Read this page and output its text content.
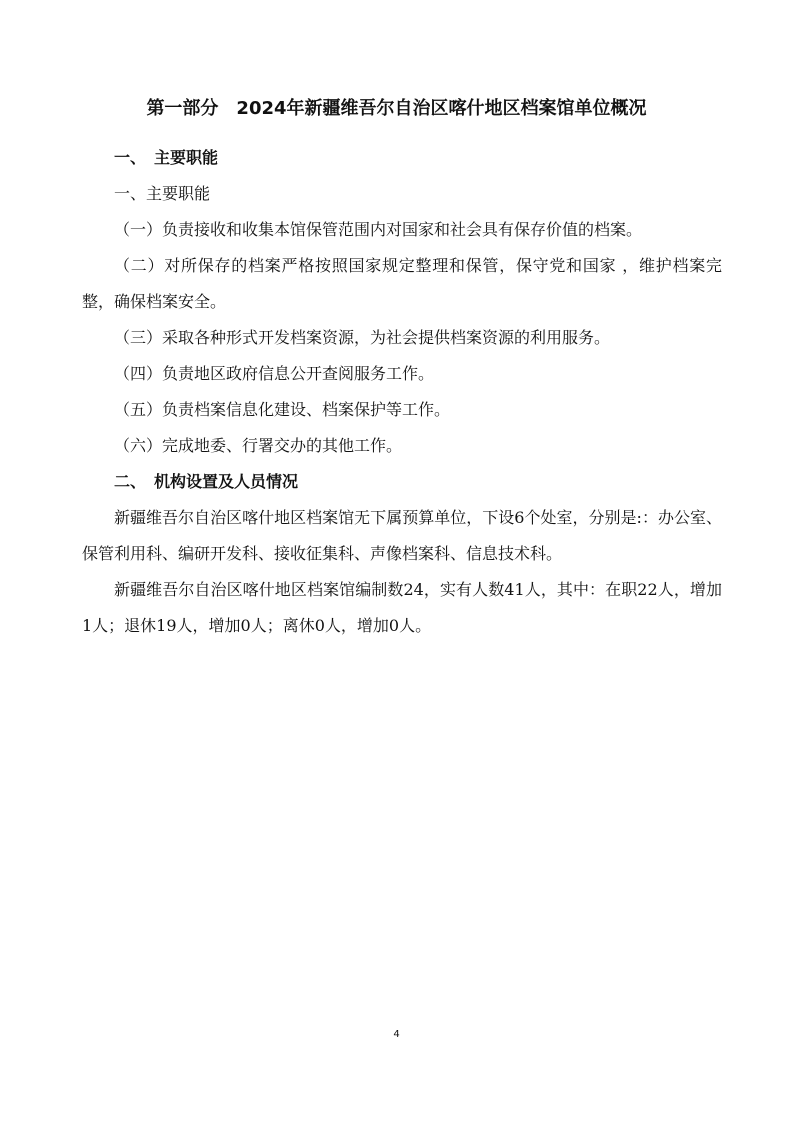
第一部分　2024年新疆维吾尔自治区喀什地区档案馆单位概况
一、　主要职能

一、主要职能

（一）负责接收和收集本馆保管范围内对国家和社会具有保存价值的档案。

（二）对所保存的档案严格按照国家规定整理和保管，保守党和国家 ，维护档案完整，确保档案安全。

（三）采取各种形式开发档案资源，为社会提供档案资源的利用服务。

（四）负责地区政府信息公开查阅服务工作。

（五）负责档案信息化建设、档案保护等工作。

（六）完成地委、行署交办的其他工作。

二、　机构设置及人员情况

新疆维吾尔自治区喀什地区档案馆无下属预算单位，下设6个处室，分别是:：办公室、保管利用科、编研开发科、接收征集科、声像档案科、信息技术科。

新疆维吾尔自治区喀什地区档案馆编制数24，实有人数41人，其中：在职22人，增加1人；退休19人，增加0人；离休0人，增加0人。

4
